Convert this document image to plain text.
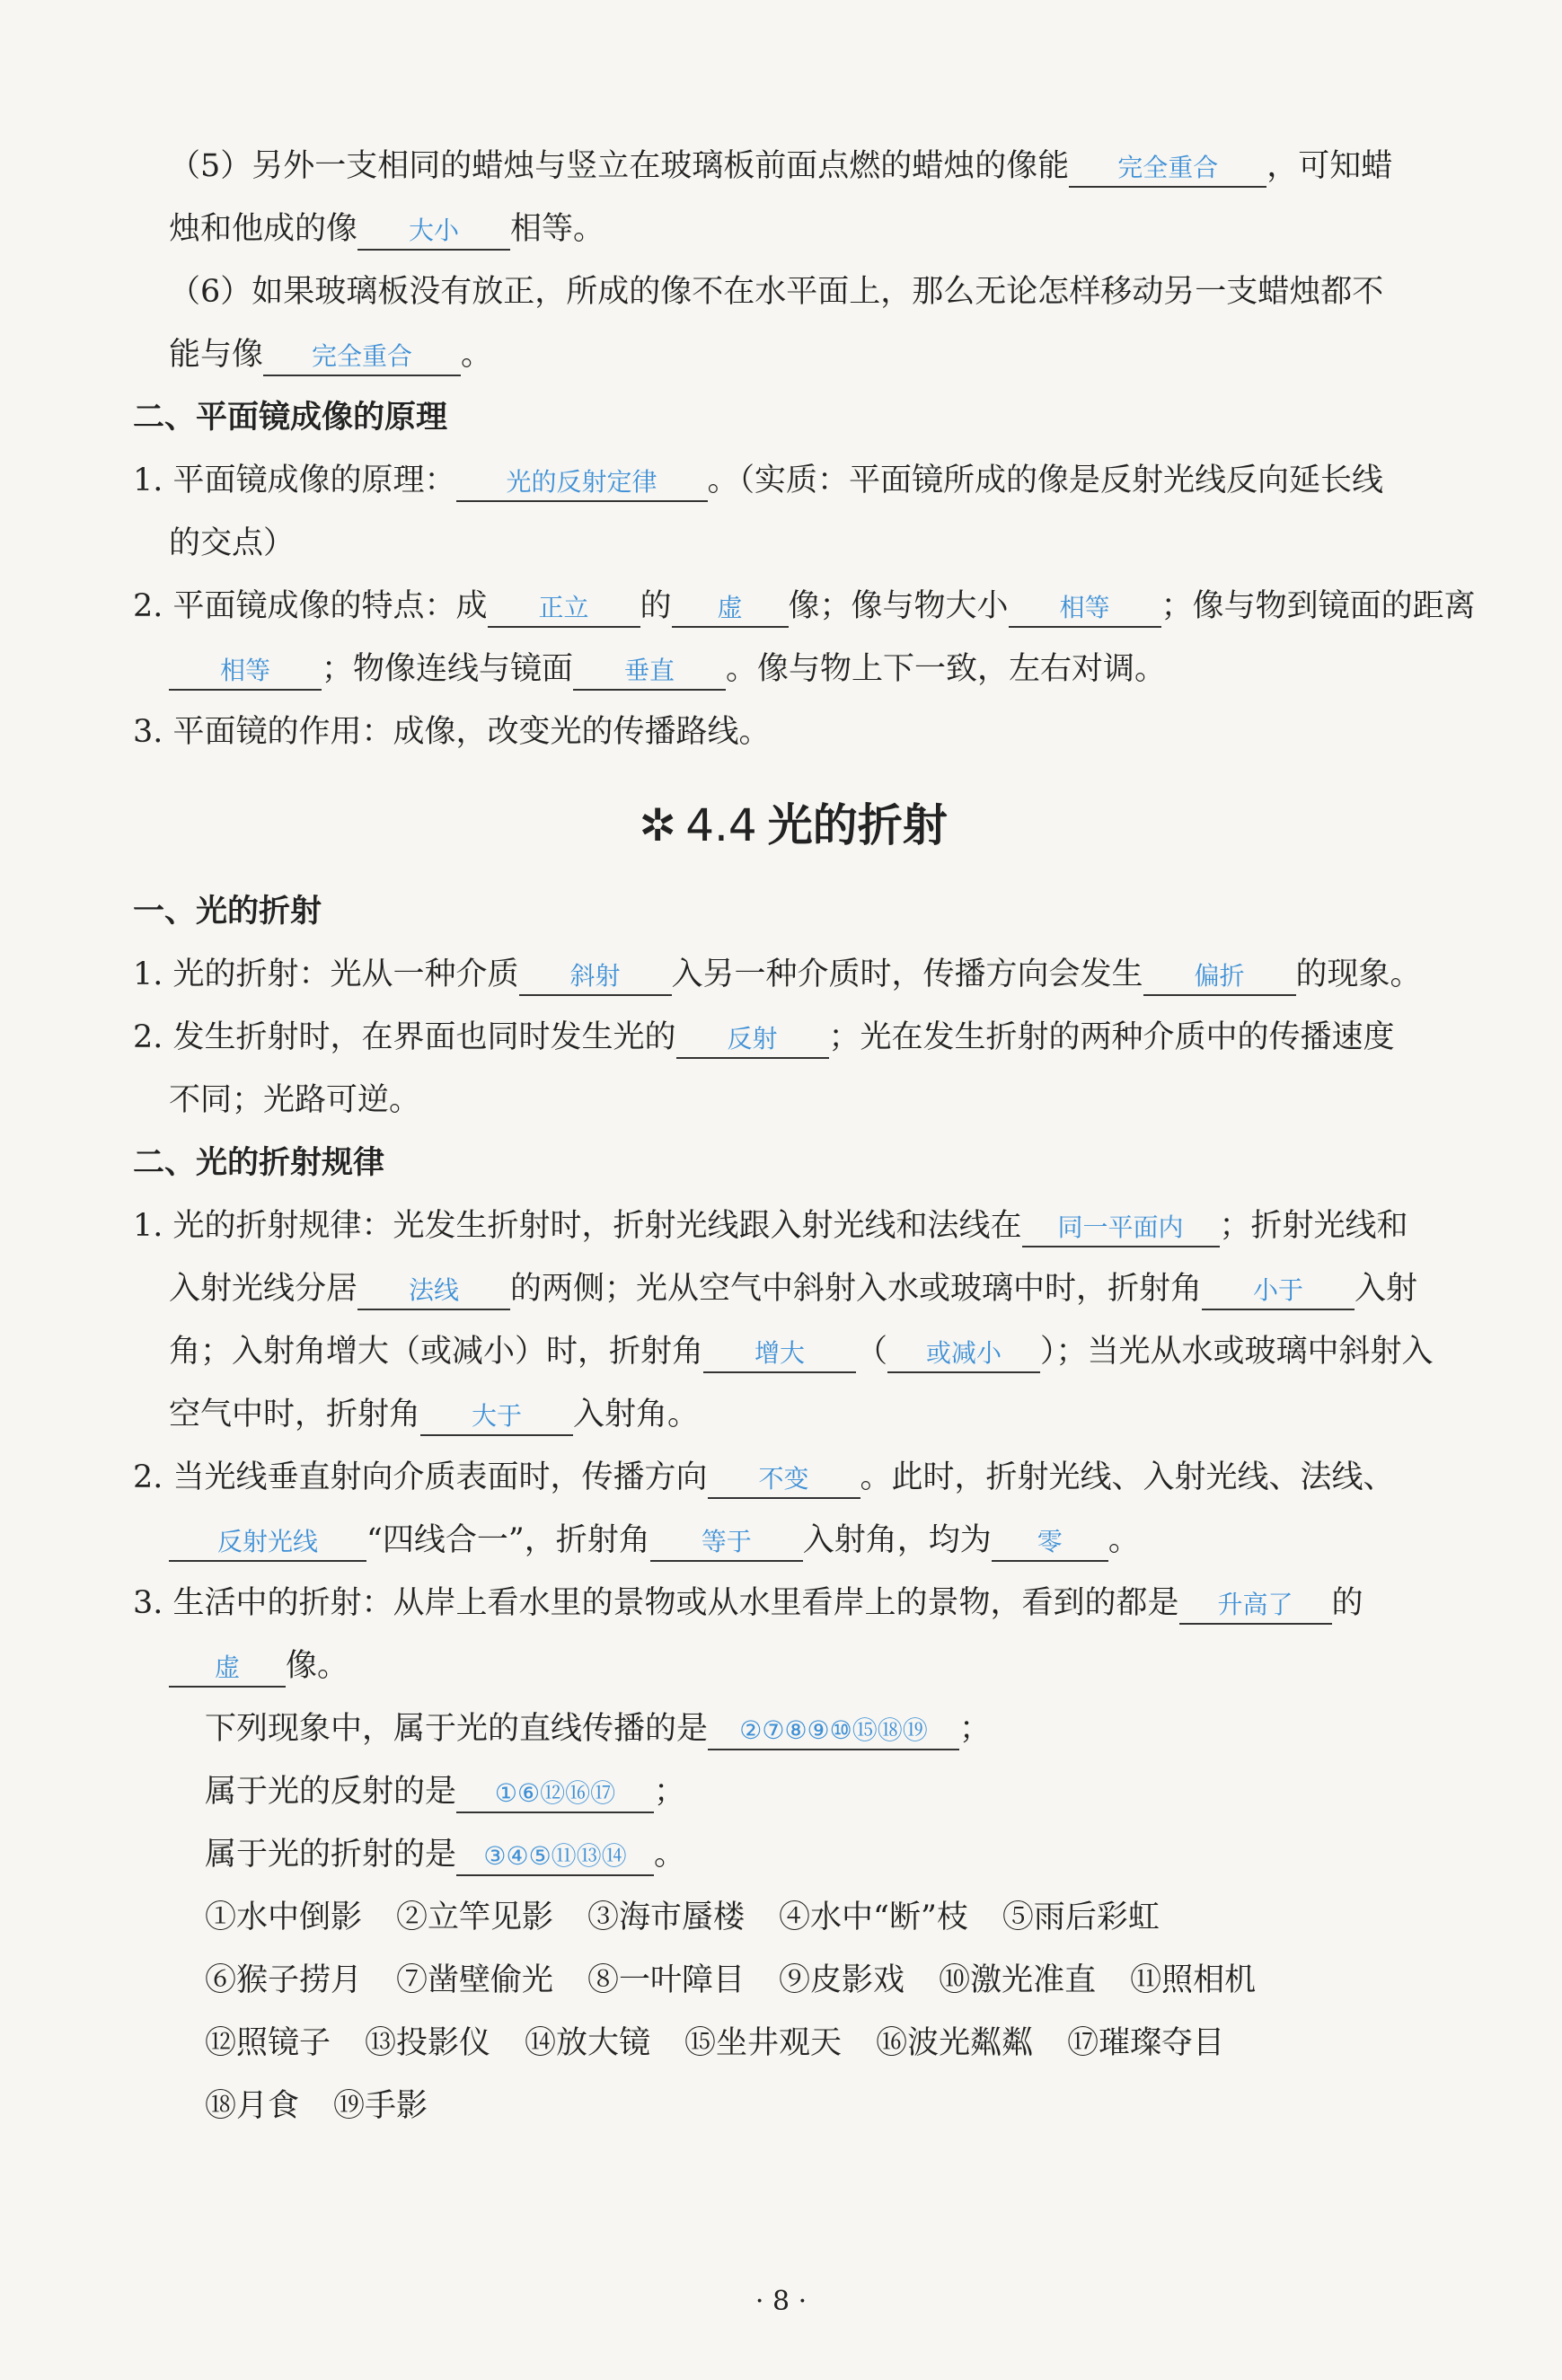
（5）另外一支相同的蜡烛与竖立在玻璃板前面点燃的蜡烛的像能 完全重合 ，可知蜡

烛和他成的像 大小 相等。

（6）如果玻璃板没有放正，所成的像不在水平面上，那么无论怎样移动另一支蜡烛都不

能与像 完全重合 。

二、平面镜成像的原理

1. 平面镜成像的原理： 光的反射定律 。（实质：平面镜所成的像是反射光线反向延长线

的交点）

2. 平面镜成像的特点：成 正立 的 虚 像；像与物大小 相等 ；像与物到镜面的距离

相等 ；物像连线与镜面 垂直 。像与物上下一致，左右对调。

3. 平面镜的作用：成像，改变光的传播路线。

✲ 4.4 光的折射

一、光的折射

1. 光的折射：光从一种介质 斜射 入另一种介质时，传播方向会发生 偏折 的现象。

2. 发生折射时，在界面也同时发生光的 反射 ；光在发生折射的两种介质中的传播速度

不同；光路可逆。

二、光的折射规律

1. 光的折射规律：光发生折射时，折射光线跟入射光线和法线在 同一平面内 ；折射光线和

入射光线分居 法线 的两侧；光从空气中斜射入水或玻璃中时，折射角 小于 入射

角；入射角增大（或减小）时，折射角 增大 （ 或减小 ）；当光从水或玻璃中斜射入

空气中时，折射角 大于 入射角。

2. 当光线垂直射向介质表面时，传播方向 不变 。此时，折射光线、入射光线、法线、

反射光线 “四线合一”，折射角 等于 入射角，均为 零 。

3. 生活中的折射：从岸上看水里的景物或从水里看岸上的景物，看到的都是 升高了 的

虚 像。

下列现象中，属于光的直线传播的是 ②⑦⑧⑨⑩⑮⑱⑲ ；

属于光的反射的是 ①⑥⑫⑯⑰ ；

属于光的折射的是 ③④⑤⑪⑬⑭ 。

①水中倒影 ②立竿见影 ③海市蜃楼 ④水中“断”枝 ⑤雨后彩虹

⑥猴子捞月 ⑦凿壁偷光 ⑧一叶障目 ⑨皮影戏 ⑩激光准直 ⑪照相机

⑫照镜子 ⑬投影仪 ⑭放大镜 ⑮坐井观天 ⑯波光粼粼 ⑰璀璨夺目

⑱月食 ⑲手影

· 8 ·
